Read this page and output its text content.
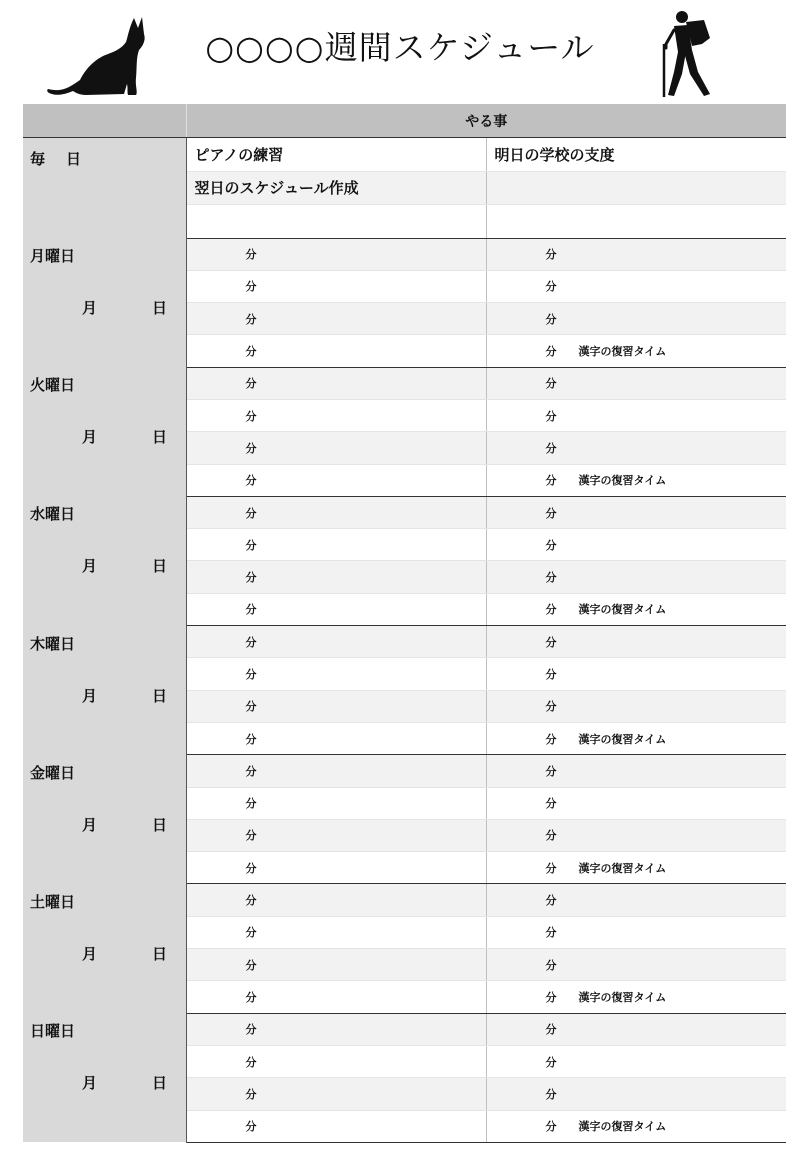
○○○○週間スケジュール
	やる事	

毎 日	ピアノの練習	明日の学校の支度
	翌日のスケジュール作成	

月曜日
月 日	分	分
	分	分
	分	分
	分	分 漢字の復習タイム

火曜日
月 日	分	分
	分	分
	分	分
	分	分 漢字の復習タイム

水曜日
月 日	分	分
	分	分
	分	分
	分	分 漢字の復習タイム

木曜日
月 日	分	分
	分	分
	分	分
	分	分 漢字の復習タイム

金曜日
月 日	分	分
	分	分
	分	分
	分	分 漢字の復習タイム

土曜日
月 日	分	分
	分	分
	分	分
	分	分 漢字の復習タイム

日曜日
月 日	分	分
	分	分
	分	分
	分	分 漢字の復習タイム
